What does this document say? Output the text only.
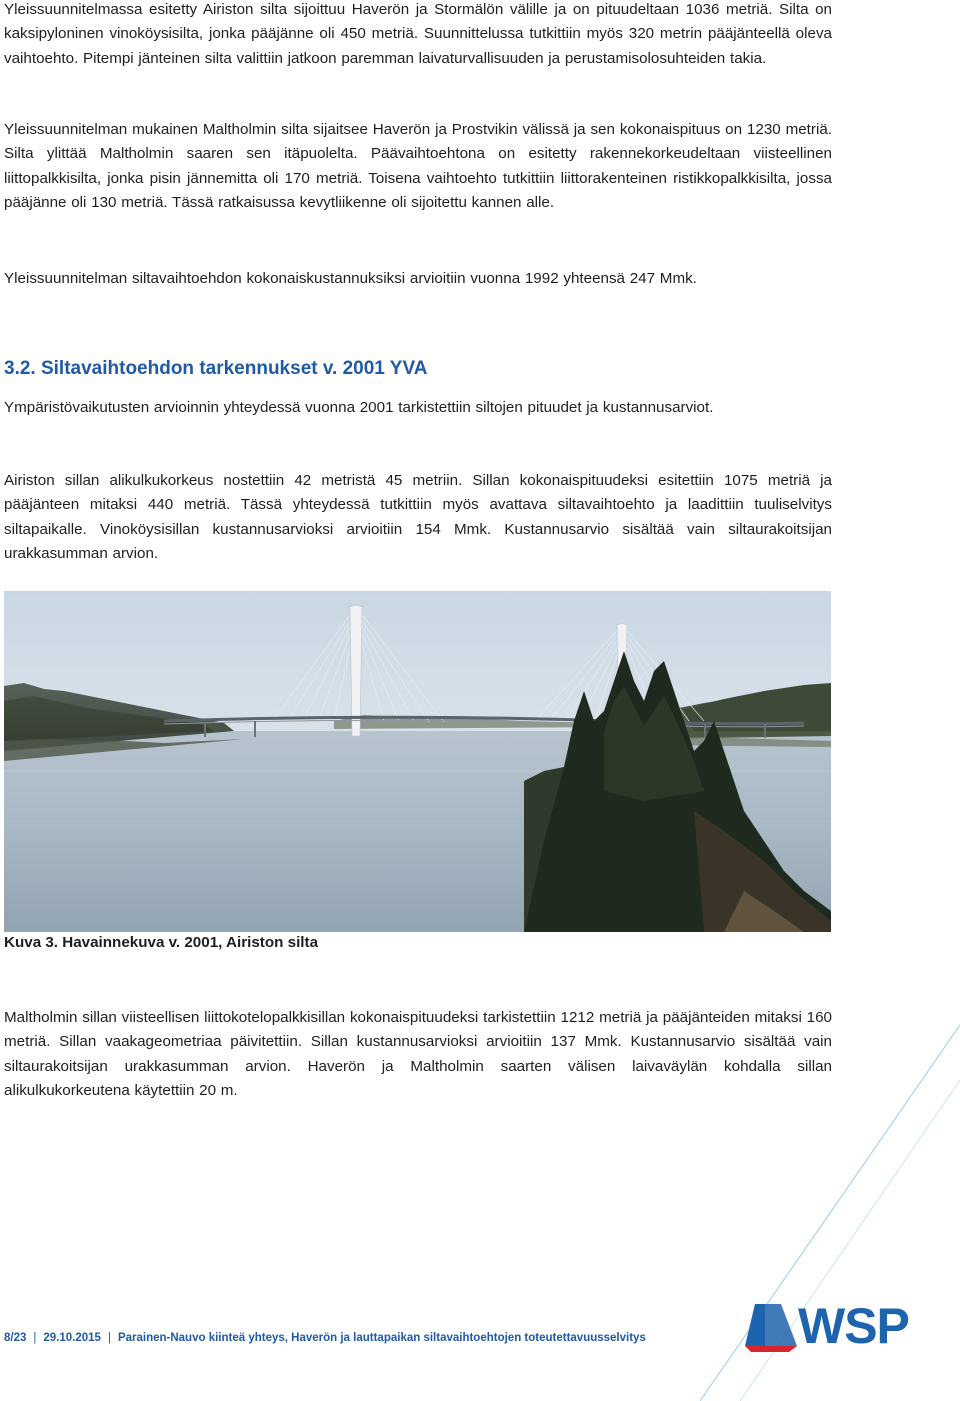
Yleissuunnitelmassa esitetty Airiston silta sijoittuu Haverön ja Stormälön välille ja on pituudeltaan 1036 metriä. Silta on kaksipyloninen vinoköysisilta, jonka pääjänne oli 450 metriä. Suunnittelussa tutkittiin myös 320 metrin pääjänteellä oleva vaihtoehto. Pitempi jänteinen silta valittiin jatkoon paremman laivaturvallisuuden ja perustamisolosuhteiden takia.

Yleissuunnitelman mukainen Maltholmin silta sijaitsee Haverön ja Prostvikin välissä ja sen kokonaispituus on 1230 metriä. Silta ylittää Maltholmin saaren sen itäpuolelta. Päävaihtoehtona on esitetty rakennekorkeudeltaan viisteellinen liittopalkkisilta, jonka pisin jännemitta oli 170 metriä. Toisena vaihtoehto tutkittiin liittorakenteinen ristikkopalkkisilta, jossa pääjänne oli 130 metriä. Tässä ratkaisussa kevytliikenne oli sijoitettu kannen alle.

Yleissuunnitelman siltavaihtoehdon kokonaiskustannuksiksi arvioitiin vuonna 1992 yhteensä 247 Mmk.

3.2. Siltavaihtoehdon tarkennukset v. 2001 YVA

Ympäristövaikutusten arvioinnin yhteydessä vuonna 2001 tarkistettiin siltojen pituudet ja kustannusarviot.

Airiston sillan alikulkukorkeus nostettiin 42 metristä 45 metriin. Sillan kokonaispituudeksi esitettiin 1075 metriä ja pääjänteen mitaksi 440 metriä. Tässä yhteydessä tutkittiin myös avattava siltavaihtoehto ja laadittiin tuuliselvitys siltapaikalle. Vinoköysisillan kustannusarvioksi arvioitiin 154 Mmk. Kustannusarvio sisältää vain siltaurakoitsijan urakkasumman arvion.

Kuva 3. Havainnekuva v. 2001, Airiston silta

Maltholmin sillan viisteellisen liittokotelopalkkisillan kokonaispituudeksi tarkistettiin 1212 metriä ja pääjänteiden mitaksi 160 metriä. Sillan vaakageometriaa päivitettiin. Sillan kustannusarvioksi arvioitiin 137 Mmk. Kustannusarvio sisältää vain siltaurakoitsijan urakkasumman arvion. Haverön ja Maltholmin saarten välisen laivaväylän kohdalla sillan alikulkukorkeutena käytettiin 20 m.

WSP
8/23 | 29.10.2015 | Parainen-Nauvo kiinteä yhteys, Haverön ja lauttapaikan siltavaihtoehtojen toteutettavuusselvitys
